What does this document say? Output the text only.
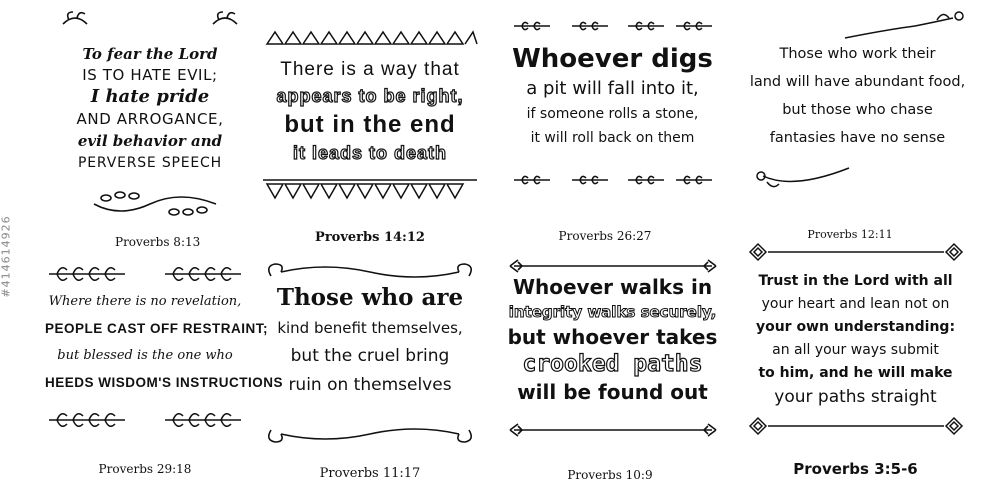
#414614926
To fear the Lord
IS TO HATE EVIL;
I hate pride
AND ARROGANCE,
evil behavior and
PERVERSE SPEECH
Proverbs 8:13
There is a way that
appears to be right,
but in the end
it leads to death
Proverbs 14:12
Whoever digs
a pit will fall into it,
if someone rolls a stone,
it will roll back on them
Proverbs 26:27
Those who work their
land will have abundant food,
but those who chase
fantasies have no sense
Proverbs 12:11
Where there is no revelation,
PEOPLE CAST OFF RESTRAINT;
but blessed is the one who
HEEDS WISDOM'S INSTRUCTIONS
Proverbs 29:18
Those who are
kind benefit themselves,
but the cruel bring
ruin on themselves
Proverbs 11:17
Whoever walks in
integrity walks securely,
but whoever takes
crooked paths
will be found out
Proverbs 10:9
Trust in the Lord with all
your heart and lean not on
your own understanding:
an all your ways submit
to him, and he will make
your paths straight
Proverbs 3:5-6
